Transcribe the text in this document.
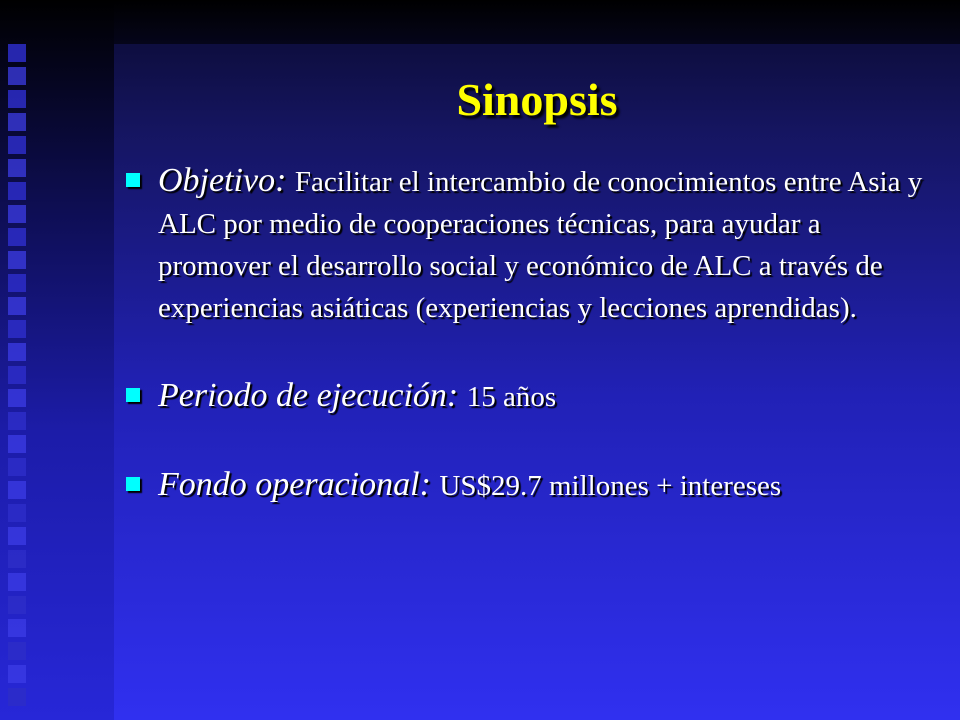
Sinopsis
Objetivo: Facilitar el intercambio de conocimientos entre Asia y ALC por medio de cooperaciones técnicas, para ayudar a promover el desarrollo social y económico de ALC a través de experiencias asiáticas (experiencias y lecciones aprendidas).
Periodo de ejecución: 15 años
Fondo operacional: US$29.7 millones + intereses
